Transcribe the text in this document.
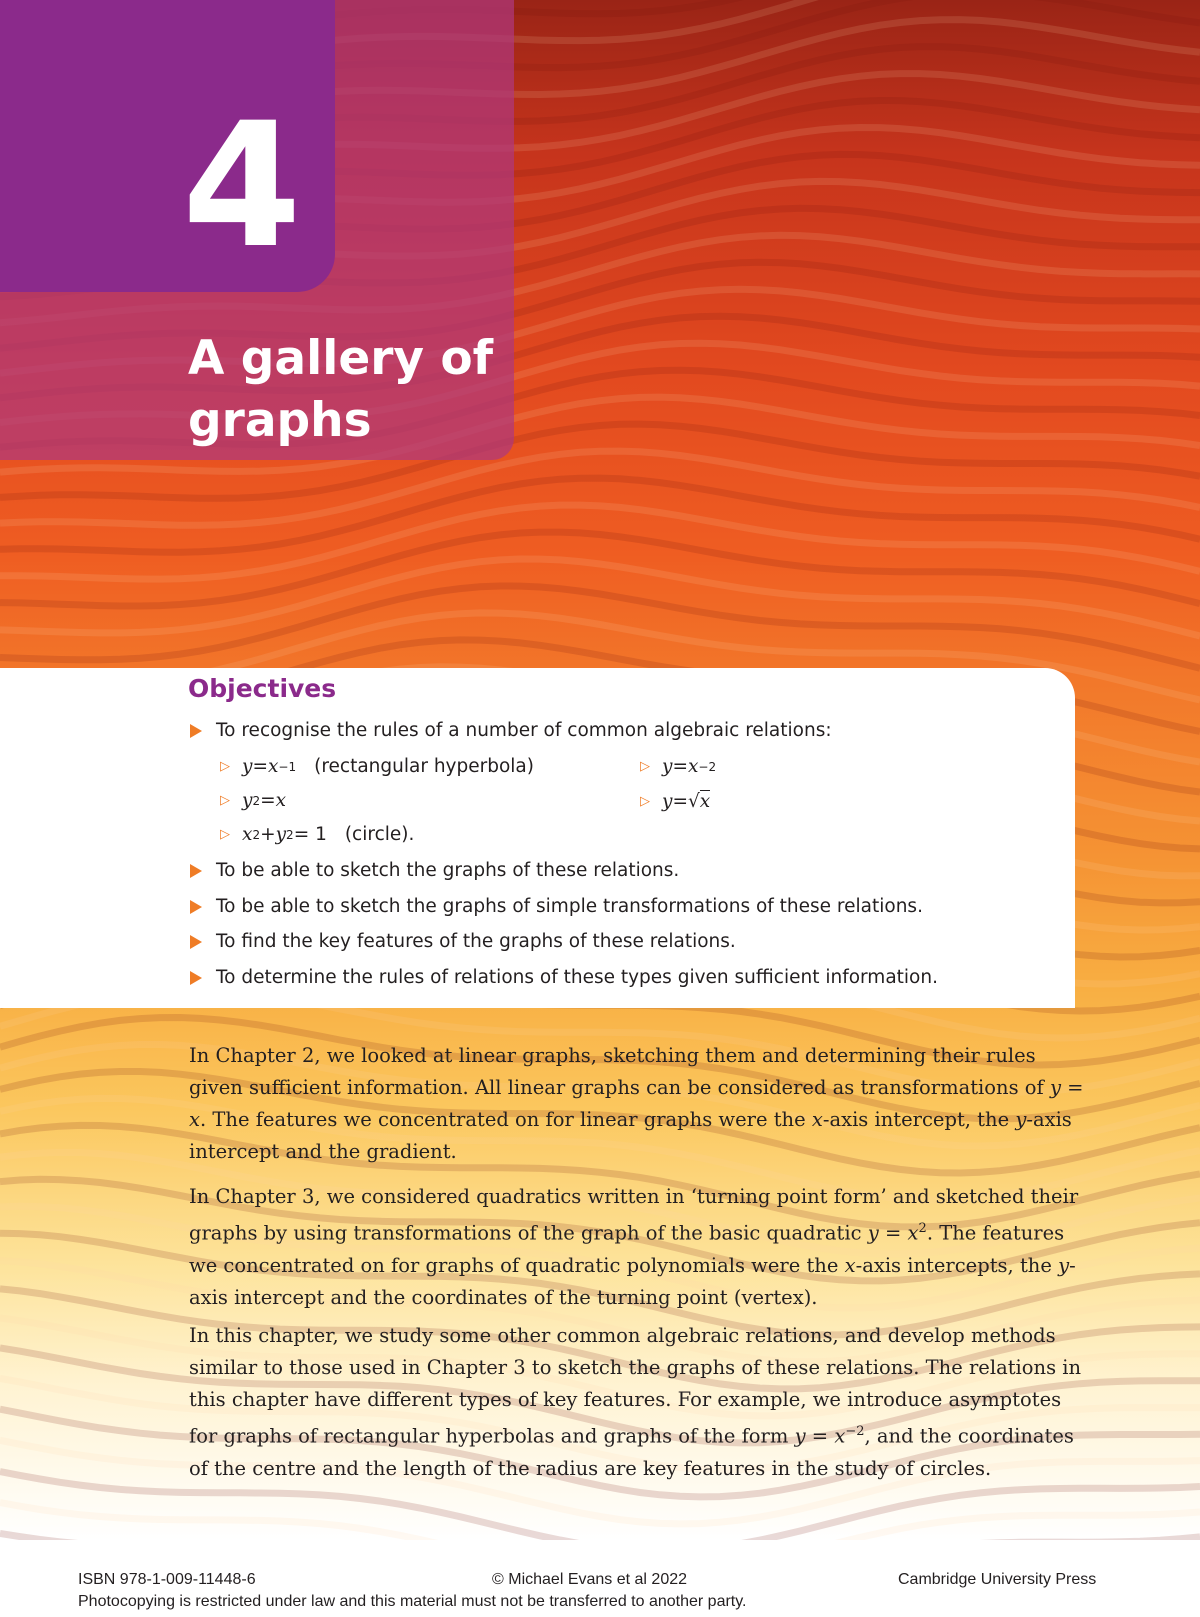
4
A gallery of
graphs
Objectives
To recognise the rules of a number of common algebraic relations:
▷ y = x −1 (rectangular hyperbola)	▷ y = x −2
▷ y 2 = x	▷ y = √ x
▷ x 2 + y 2 = 1 (circle).
To be able to sketch the graphs of these relations.
To be able to sketch the graphs of simple transformations of these relations.
To find the key features of the graphs of these relations.
To determine the rules of relations of these types given sufficient information.

In Chapter 2, we looked at linear graphs, sketching them and determining their rules given sufficient information. All linear graphs can be considered as transformations of y = x. The features we concentrated on for linear graphs were the x-axis intercept, the y-axis intercept and the gradient.

In Chapter 3, we considered quadratics written in ‘turning point form’ and sketched their graphs by using transformations of the graph of the basic quadratic $y = x^2$. The features we concentrated on for graphs of quadratic polynomials were the x-axis intercepts, the y-axis intercept and the coordinates of the turning point (vertex).

In this chapter, we study some other common algebraic relations, and develop methods similar to those used in Chapter 3 to sketch the graphs of these relations. The relations in this chapter have different types of key features. For example, we introduce asymptotes for graphs of rectangular hyperbolas and graphs of the form $y = x^{-2}$, and the coordinates of the centre and the length of the radius are key features in the study of circles.

ISBN 978-1-009-11448-6	© Michael Evans et al 2022	Cambridge University Press
Photocopying is restricted under law and this material must not be transferred to another party.
